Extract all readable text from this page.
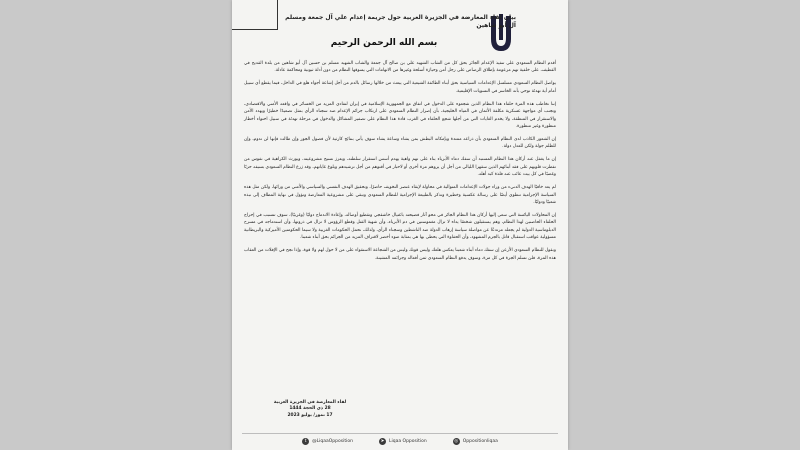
بيان لقاء المعارضة في الجزيرة العربية حول جريمة إعدام علي آل جمعة ومسلم آل أبو شاهين
بسم الله الرحمن الرحيم

أقدم النظام السعودي على تنفيذ الإعدام الجائر بحق كل من الشاب الشهيد علي بن صالح آل جمعة والشاب الشهيد مسلم بن حسين آل أبو شاهين من بلدة القديح في القطيف، على خلفية تهم مزعومة بإطلاق الرصاص على رجل أمن وحيازة أسلحة وغيرها من الاتهامات التي يسوقها النظام من دون أدلة ثبوتية ومحاكمة عادلة.

يواصل النظام السعودي مسلسل الإعدامات السياسية بحق أبناء الطائفة الشيعية التي يبعث من خلالها رسائل بالدم من أجل إشاعة أجواء هلع في الداخل، فيما يقطع أي سبيل أمام أية تهدئة توحي بأنه الخاسر في التسويات الإقليمية.

إننا نخاطب هذه المرة حلفاء هذا النظام الذين شجعوه على الدخول في اتفاق مع الجمهورية الإسلامية في إيران لتفادي المزيد من الخسائر في واقعه الأمني والاقتصادي، وتجنب أي مواجهة عسكرية مكلفة الأثمان في المياه الخليجية، بأن إصرار النظام السعودي على ارتكاب جرائم الإعدام ضد سجناء الرأي بمثل تصعيدًا خطيرًا ويهدد الأمن والاستقرار في المنطقة، ولا يخدم الغايات التي من أجلها شجع الحلفاء في الغرب قادة هذا النظام على تصفير المشاكل والدخول في مرحلة تهدئة في سبيل احتواء أخطار منظورة وغير منظورة.

إن الشعور الكاذب لدى النظام السعودي بأن ذراعه ممتدة وبإمكانه البطش بمن يشاء وساعة يشاء سوف يأتي بنتائج كارثية لأن فصول الجور وإن طالت فإنها لن تدوم، وإن للظلم جولة ولكن للعدل دولة.

إن ما يغفل عنه أركان هذا النظام المستبد أن سفك دماء الأبرياء بناء على تهم واهية يهدم أسس استقرار سلطته، ويعزز نسيج مشروعيته، ويورث الكراهية في نفوس من تفطرت قلوبهم على فقد أبنائهم الذين سقهرا الليالي من أجل أن يروهم مرة أخرى أو لاحبار في أقتوهم من أجل ترشيدهم وبلوغ غاياتهم، وقد زرع النظام السعودي بسيفه حزنًا وغضبًا في كل بيت عائب عنه فلذة كبد أهله.

لم يعد خافيًا الهدف الدنيء من وراء جولات الإعدامات المتوالية في محاولة لإبقاء عنصر التخويف حاضرًا، وتحقيق الهدف النفسي والسياسي والأمني من ورائها، ولكن مثل هذه السياسة الإجرامية تنطوي أيضًا على رسالة عكسية وخطيرة وتذكر بالطبيعة الإجرامية للنظام السعودي وتبقي على مشروعية المعارضة وتؤول في نهاية المطاف إلى نبذه شعبيًا ودوليًا.

إن المحاولات اليائسة التي سعى إليها أركان هذا النظام الجائر في محو آثار فضيحته باغتيال خاشقجي وتقطيع أوصاله، وإعادة الاندماج دوليًا (وغربيًا)، سوف تتسبب في إحراج الحلفاء الحاضنين لهذا النظام، وهم يستقبلون شخصًا يداه لا تزال مغموستين في دم الأبرياء، وأن شهية القتل وقطع الرؤوس لا تزال في ذروتها، وأن استدماجه في مسرح الدبلوماسية الدولية لم يجعله مرتدعًا عن مواصلة سياسة إرهاب الدولة ضد الناشطين وسجناء الرأي، ولذلك، نحمل الحكومات الغربية ولا سيما الحكومتين الأميركية والبريطانية مسؤولية عواقب استقبال قاتل بالجرم المشهود، وأن الحفاوة التي يحظى بها هي بمثابة ضوء أخضر لاقتراف المزيد من الجرائم بحق أبناء شعبنا.

ونقول للنظام السعودي الأرعن إن سفك دماء أبناء شعبنا يعكس هلعك وليس قوتك وليس من الشجاعة الاستقواء على من لا حول لهم ولا قوة، وإذا نجح في الإفلات من العقاب هذه المرة، فلن تسلم الجرة في كل مرة، وسوف يدفع النظام السعودي ثمن أفعاله وجرائمه المشينة.

لقاء المعارضة في الجزيرة العربية
28 ذي الحجة 1444
17 تموز/ يوليو 2023
t	@LiqaaOpposition	➤	Liqaa Opposition	◎	Oppositionliqaa
